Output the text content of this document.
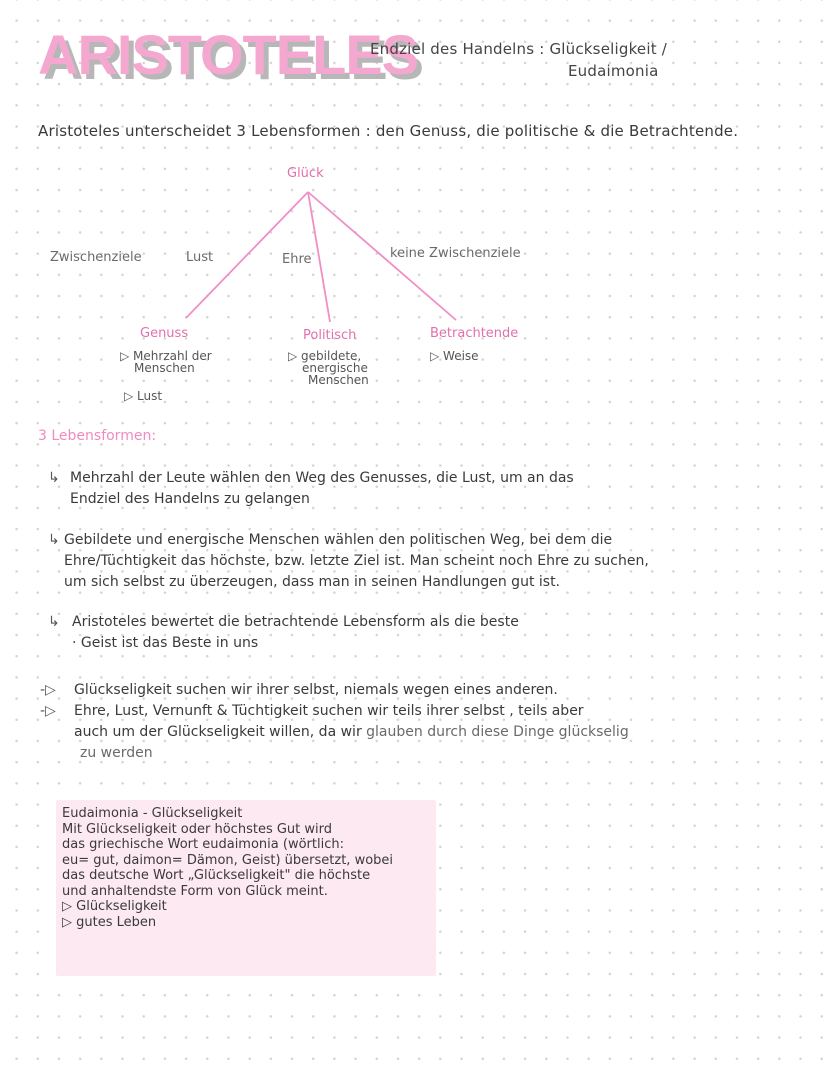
ARISTOTELES
Endziel des Handelns : Glückseligkeit /
Eudaimonia
Aristoteles unterscheidet 3 Lebensformen : den Genuss, die politische & die Betrachtende.
Glück
Zwischenziele	Lust	Ehre	keine Zwischenziele
Genuss
▷ Mehrzahl der
Menschen
▷ Lust
Politisch
▷ gebildete,
energische
Menschen
Betrachtende
▷ Weise
3 Lebensformen:
↳ Mehrzahl der Leute wählen den Weg des Genusses, die Lust, um an das
Endziel des Handelns zu gelangen
↳ Gebildete und energische Menschen wählen den politischen Weg, bei dem die
Ehre/Tüchtigkeit das höchste, bzw. letzte Ziel ist. Man scheint noch Ehre zu suchen,
um sich selbst zu überzeugen, dass man in seinen Handlungen gut ist.
↳ Aristoteles bewertet die betrachtende Lebensform als die beste
· Geist ist das Beste in uns
-▷	Glückseligkeit suchen wir ihrer selbst, niemals wegen eines anderen.
-▷	Ehre, Lust, Vernunft & Tüchtigkeit suchen wir teils ihrer selbst , teils aber
auch um der Glückseligkeit willen, da wir glauben durch diese Dinge glückselig
zu werden
Eudaimonia - Glückseligkeit
Mit Glückseligkeit oder höchstes Gut wird
das griechische Wort eudaimonia (wörtlich:
eu= gut, daimon= Dämon, Geist) übersetzt, wobei
das deutsche Wort „Glückseligkeit" die höchste
und anhaltendste Form von Glück meint.
▷ Glückseligkeit
▷ gutes Leben
